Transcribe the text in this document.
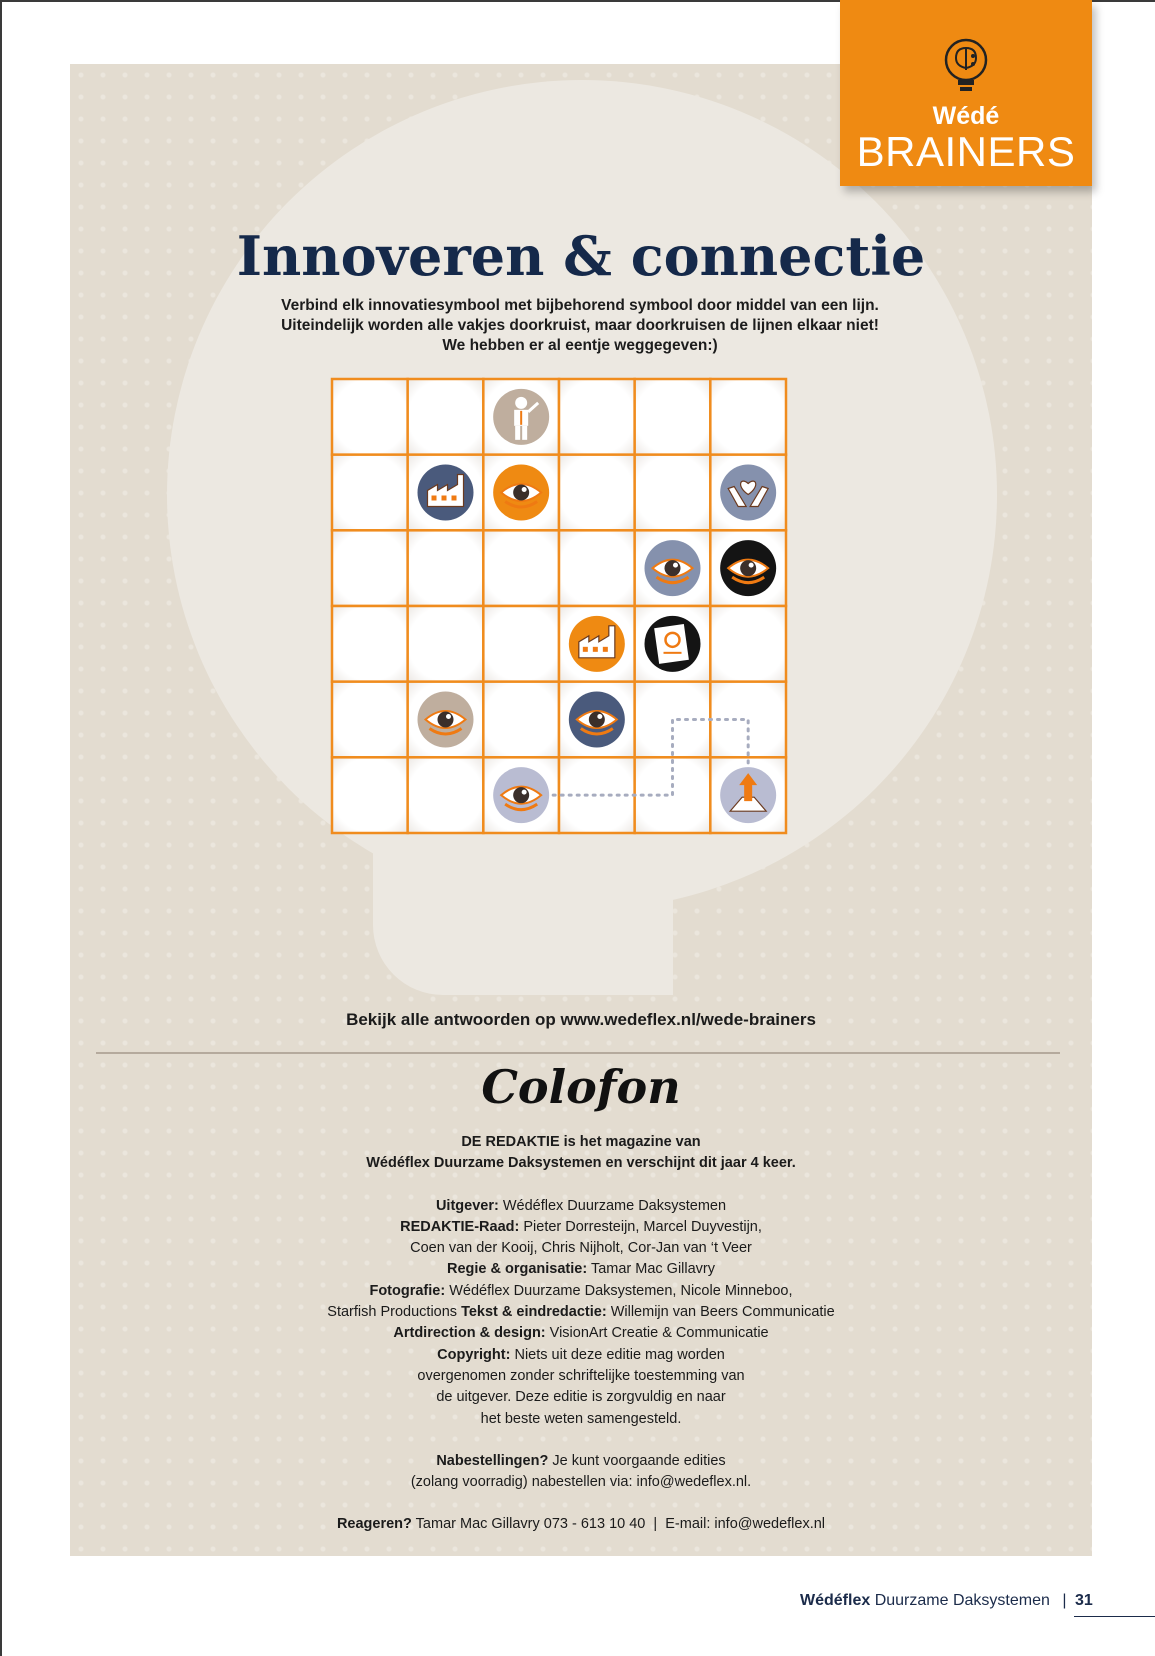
Wédé
BRAINERS
Innoveren & connectie
Verbind elk innovatiesymbool met bijbehorend symbool door middel van een lijn.
Uiteindelijk worden alle vakjes doorkruist, maar doorkruisen de lijnen elkaar niet!
We hebben er al eentje weggegeven:)
Bekijk alle antwoorden op www.wedeflex.nl/wede-brainers
Colofon
DE REDAKTIE is het magazine van
Wédéflex Duurzame Daksystemen en verschijnt dit jaar 4 keer.
Uitgever: Wédéflex Duurzame Daksystemen
REDAKTIE-Raad: Pieter Dorresteijn, Marcel Duyvestijn,
Coen van der Kooij, Chris Nijholt, Cor-Jan van ‘t Veer
Regie & organisatie: Tamar Mac Gillavry
Fotografie: Wédéflex Duurzame Daksystemen, Nicole Minneboo,
Starfish Productions Tekst & eindredactie: Willemijn van Beers Communicatie
Artdirection & design: VisionArt Creatie & Communicatie
Copyright: Niets uit deze editie mag worden
overgenomen zonder schriftelijke toestemming van
de uitgever. Deze editie is zorgvuldig en naar
het beste weten samengesteld.
Nabestellingen? Je kunt voorgaande edities
(zolang voorradig) nabestellen via: info@wedeflex.nl.
Reageren? Tamar Mac Gillavry 073 - 613 10 40  |  E-mail: info@wedeflex.nl
Wédéflex Duurzame Daksystemen | 31
